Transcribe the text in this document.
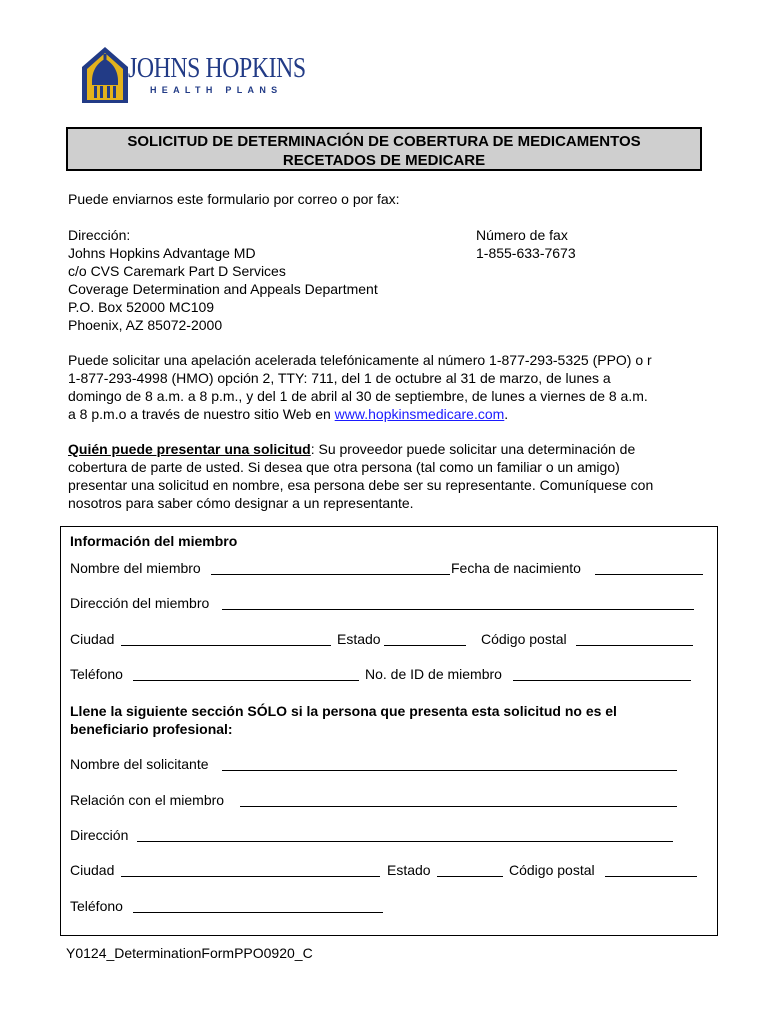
JOHNS HOPKINS
HEALTH PLANS
SOLICITUD DE DETERMINACIÓN DE COBERTURA DE MEDICAMENTOS
RECETADOS DE MEDICARE
Puede enviarnos este formulario por correo o por fax:
Dirección:
Johns Hopkins Advantage MD
c/o CVS Caremark Part D Services
Coverage Determination and Appeals Department
P.O. Box 52000 MC109
Phoenix, AZ 85072-2000
Número de fax
1-855-633-7673
Puede solicitar una apelación acelerada telefónicamente al número 1-877-293-5325 (PPO) o r
1-877-293-4998 (HMO) opción 2, TTY: 711, del 1 de octubre al 31 de marzo, de lunes a
domingo de 8 a.m. a 8 p.m., y del 1 de abril al 30 de septiembre, de lunes a viernes de 8 a.m.
a 8 p.m.o a través de nuestro sitio Web en www.hopkinsmedicare.com.
Quién puede presentar una solicitud: Su proveedor puede solicitar una determinación de
cobertura de parte de usted. Si desea que otra persona (tal como un familiar o un amigo)
presentar una solicitud en nombre, esa persona debe ser su representante. Comuníquese con
nosotros para saber cómo designar a un representante.
Información del miembro
Nombre del miembro	Fecha de nacimiento
Dirección del miembro
Ciudad	Estado	Código postal
Teléfono	No. de ID de miembro
Llene la siguiente sección SÓLO si la persona que presenta esta solicitud no es el
beneficiario profesional:
Nombre del solicitante
Relación con el miembro
Dirección
Ciudad	Estado	Código postal
Teléfono
Y0124_DeterminationFormPPO0920_C
